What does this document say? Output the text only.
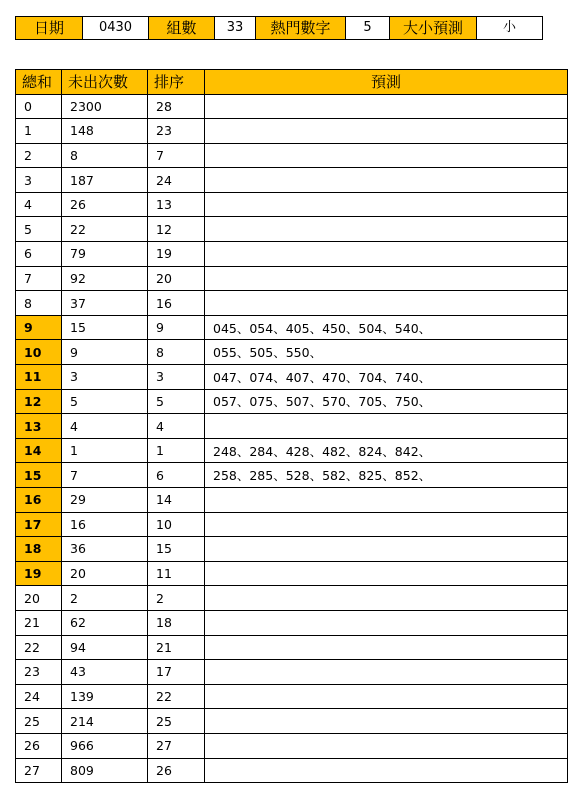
日期	0430	組數	33	熱門數字	5	大小預測	小
總和	未出次數	排序	預測
0	2300	28	
1	148	23	
2	8	7	
3	187	24	
4	26	13	
5	22	12	
6	79	19	
7	92	20	
8	37	16	
9	15	9	045、054、405、450、504、540、
10	9	8	055、505、550、
11	3	3	047、074、407、470、704、740、
12	5	5	057、075、507、570、705、750、
13	4	4	
14	1	1	248、284、428、482、824、842、
15	7	6	258、285、528、582、825、852、
16	29	14	
17	16	10	
18	36	15	
19	20	11	
20	2	2	
21	62	18	
22	94	21	
23	43	17	
24	139	22	
25	214	25	
26	966	27	
27	809	26	
